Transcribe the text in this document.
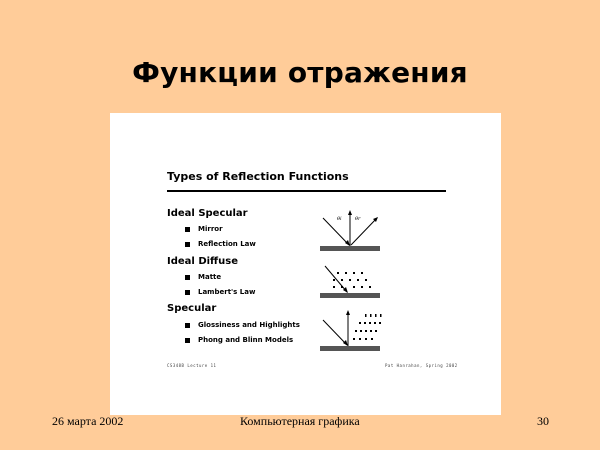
Функции отражения
Types of Reflection Functions
Ideal Specular
Mirror
Reflection Law
Ideal Diffuse
Matte
Lambert's Law
Specular
Glossiness and Highlights
Phong and Blinn Models
θi	θr
CS348B Lecture 11	Pat Hanrahan, Spring 2002
26 марта 2002	Компьютерная графика	30
